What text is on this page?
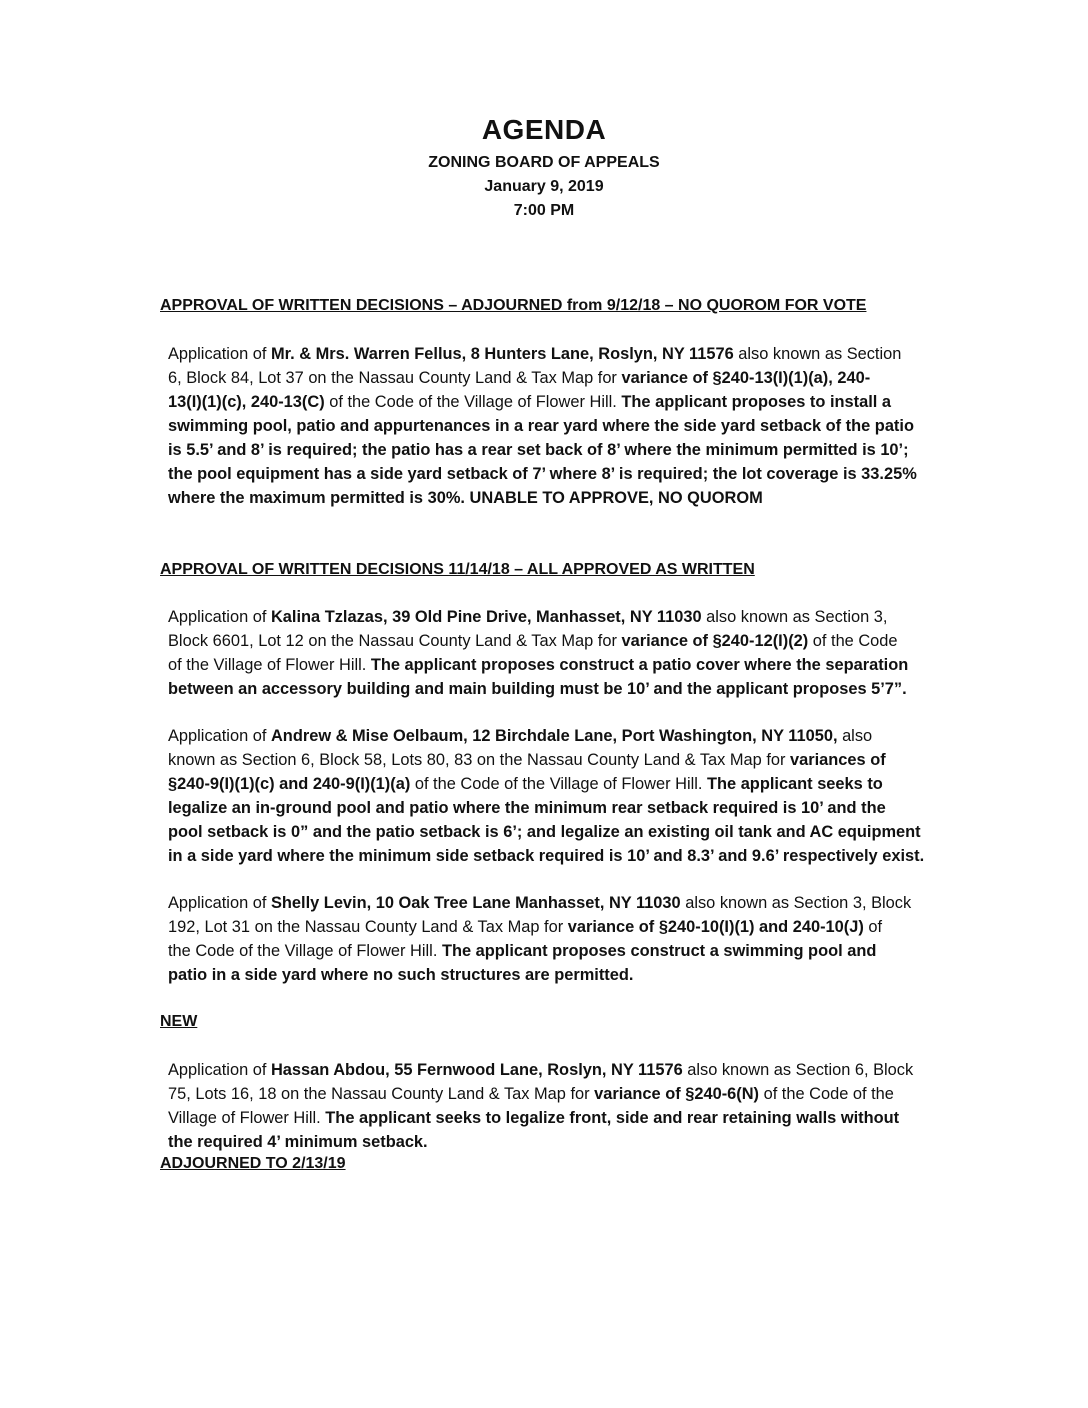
AGENDA
ZONING BOARD OF APPEALS
January 9, 2019
7:00 PM
APPROVAL OF WRITTEN DECISIONS – ADJOURNED from 9/12/18 – NO QUOROM FOR VOTE
Application of Mr. & Mrs. Warren Fellus, 8 Hunters Lane, Roslyn, NY 11576 also known as Section
6, Block 84, Lot 37 on the Nassau County Land & Tax Map for variance of §240-13(I)(1)(a), 240-
13(I)(1)(c), 240-13(C) of the Code of the Village of Flower Hill. The applicant proposes to install a
swimming pool, patio and appurtenances in a rear yard where the side yard setback of the patio
is 5.5’ and 8’ is required; the patio has a rear set back of 8’ where the minimum permitted is 10’;
the pool equipment has a side yard setback of 7’ where 8’ is required; the lot coverage is 33.25%
where the maximum permitted is 30%. UNABLE TO APPROVE, NO QUOROM
APPROVAL OF WRITTEN DECISIONS 11/14/18 – ALL APPROVED AS WRITTEN
Application of Kalina Tzlazas, 39 Old Pine Drive, Manhasset, NY 11030 also known as Section 3,
Block 6601, Lot 12 on the Nassau County Land & Tax Map for variance of §240-12(I)(2) of the Code
of the Village of Flower Hill. The applicant proposes construct a patio cover where the separation
between an accessory building and main building must be 10’ and the applicant proposes 5’7”.
Application of Andrew & Mise Oelbaum, 12 Birchdale Lane, Port Washington, NY 11050, also
known as Section 6, Block 58, Lots 80, 83 on the Nassau County Land & Tax Map for variances of
§240-9(I)(1)(c) and 240-9(I)(1)(a) of the Code of the Village of Flower Hill. The applicant seeks to
legalize an in-ground pool and patio where the minimum rear setback required is 10’ and the
pool setback is 0” and the patio setback is 6’; and legalize an existing oil tank and AC equipment
in a side yard where the minimum side setback required is 10’ and 8.3’ and 9.6’ respectively exist.
Application of Shelly Levin, 10 Oak Tree Lane Manhasset, NY 11030 also known as Section 3, Block
192, Lot 31 on the Nassau County Land & Tax Map for variance of §240-10(I)(1) and 240-10(J) of
the Code of the Village of Flower Hill. The applicant proposes construct a swimming pool and
patio in a side yard where no such structures are permitted.
NEW
Application of Hassan Abdou, 55 Fernwood Lane, Roslyn, NY 11576 also known as Section 6, Block
75, Lots 16, 18 on the Nassau County Land & Tax Map for variance of §240-6(N) of the Code of the
Village of Flower Hill. The applicant seeks to legalize front, side and rear retaining walls without
the required 4’ minimum setback.
ADJOURNED TO 2/13/19
